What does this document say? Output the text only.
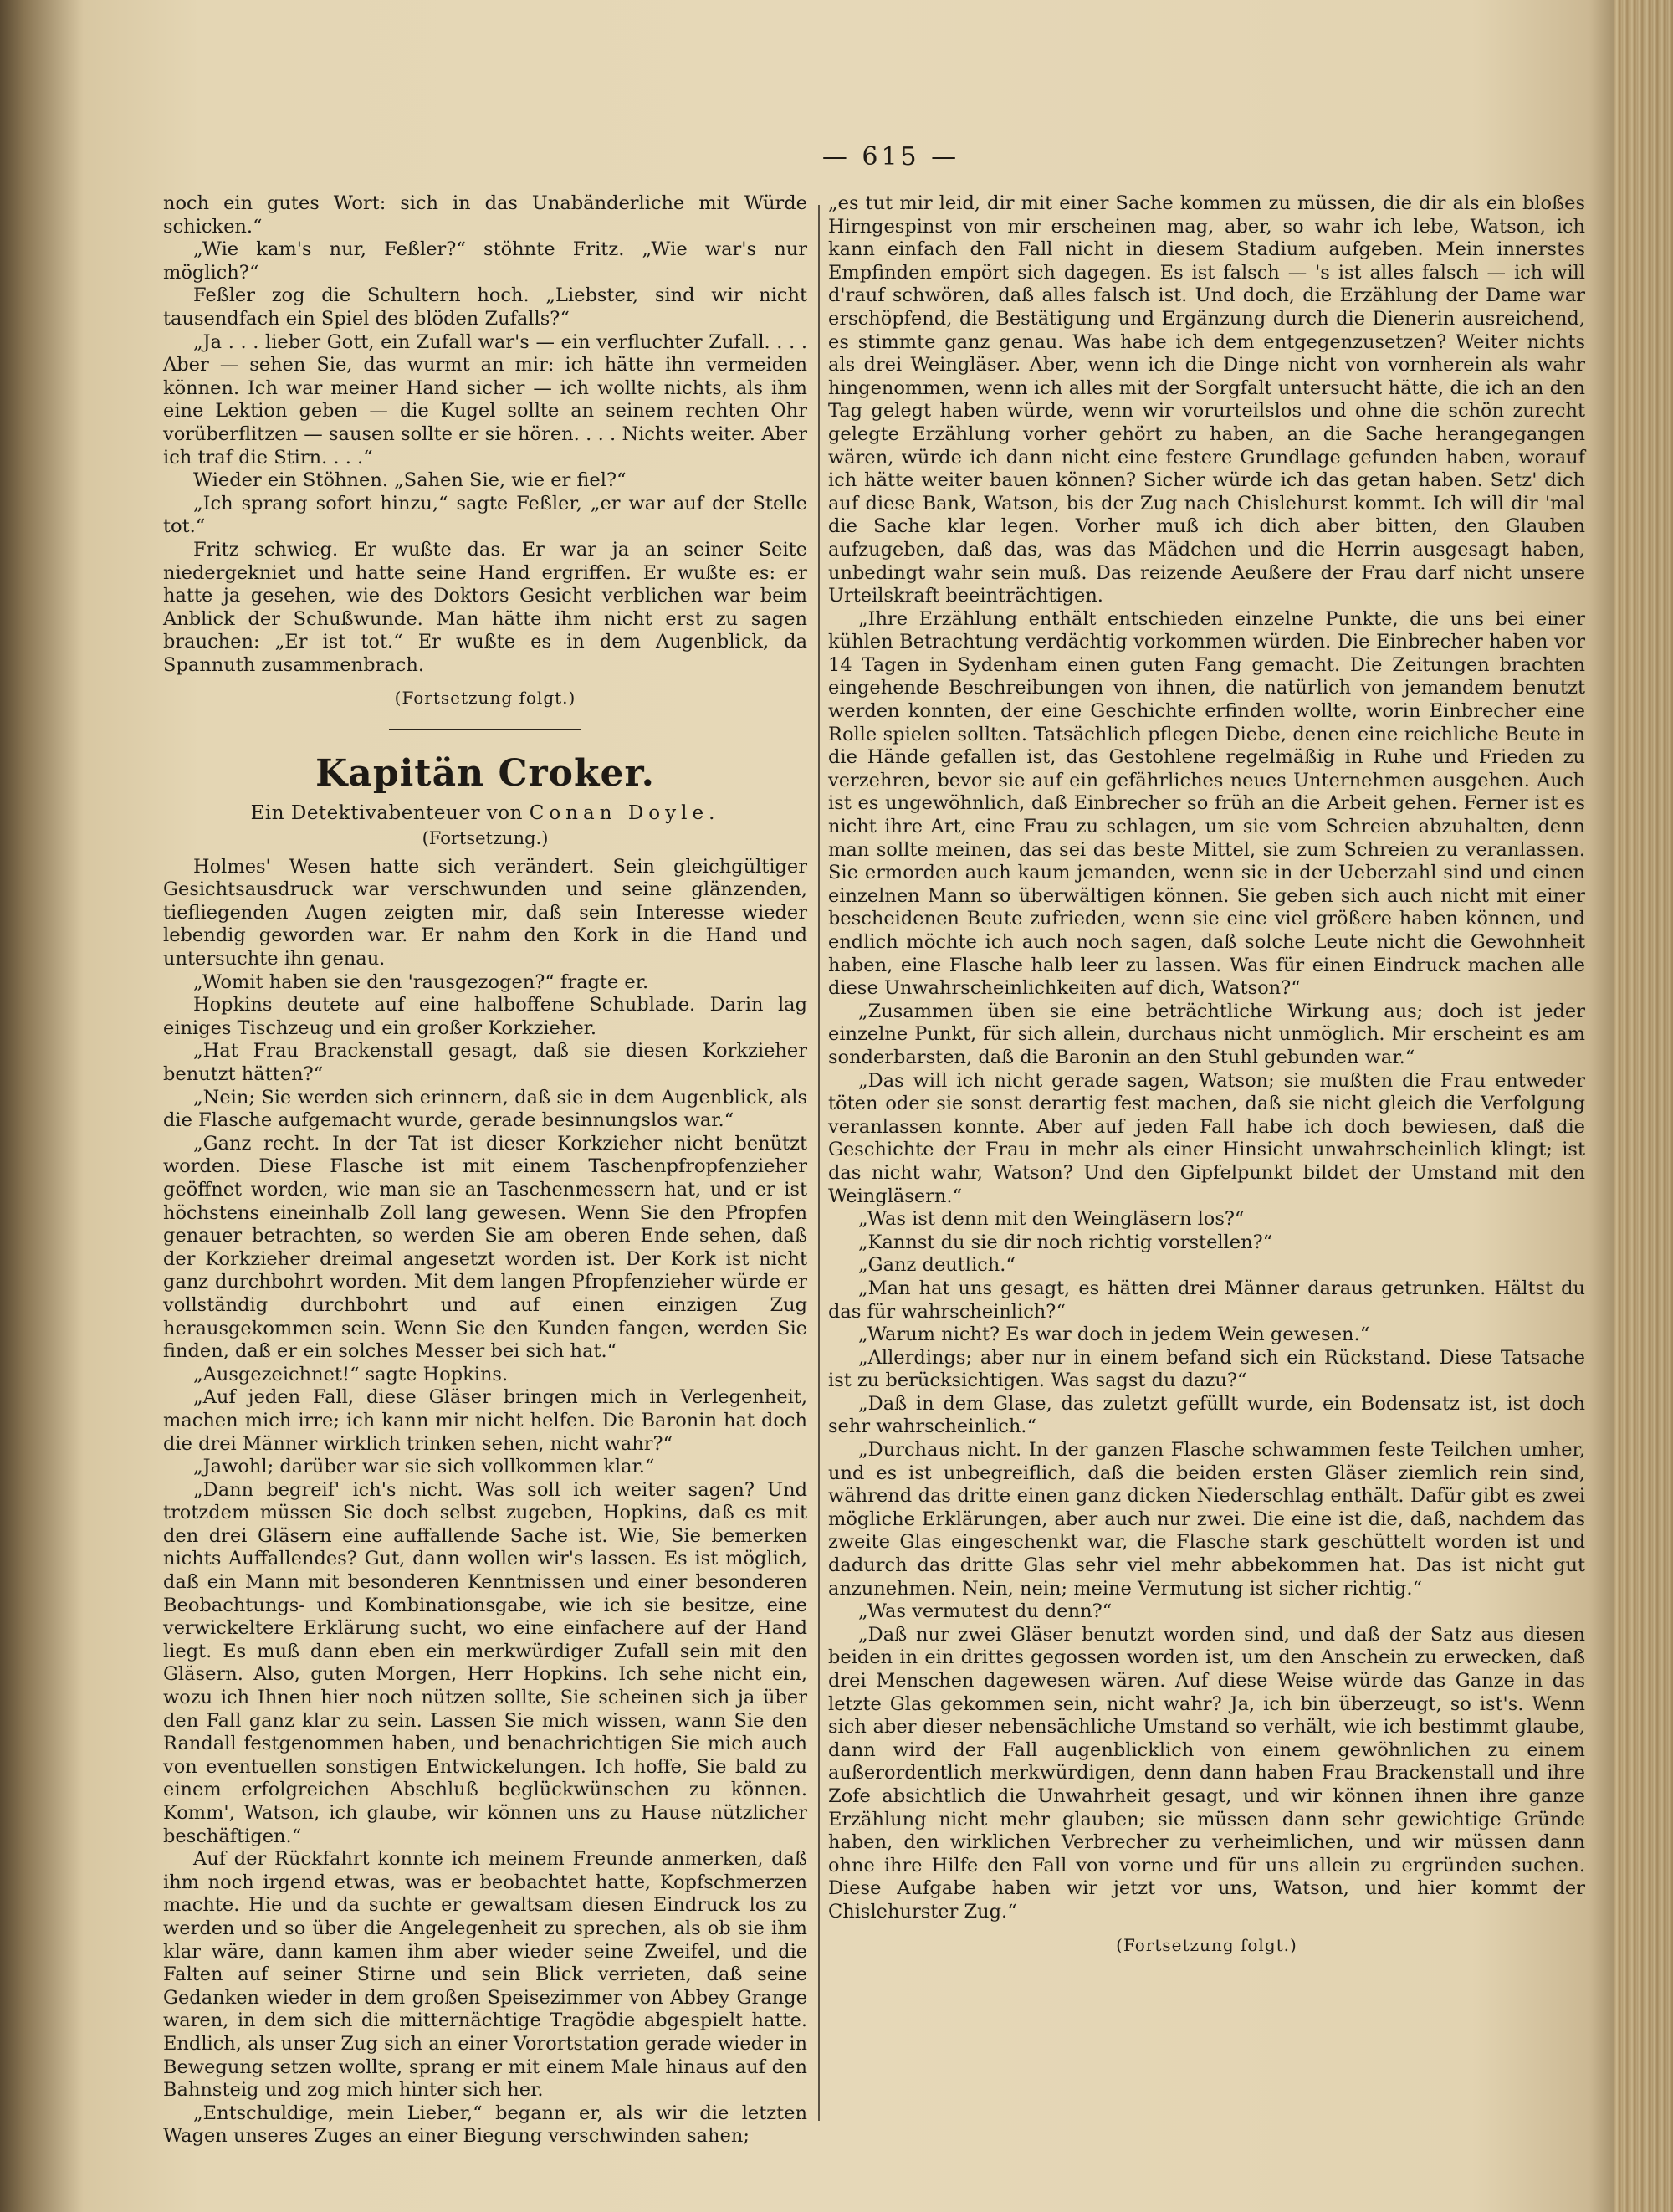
— 615 —

noch ein gutes Wort: sich in das Unabänderliche mit Würde schicken.“

„Wie kam's nur, Feßler?“ stöhnte Fritz. „Wie war's nur möglich?“

Feßler zog die Schultern hoch. „Liebster, sind wir nicht tausendfach ein Spiel des blöden Zufalls?“

„Ja . . . lieber Gott, ein Zufall war's — ein verfluchter Zufall. . . . Aber — sehen Sie, das wurmt an mir: ich hätte ihn vermeiden können. Ich war meiner Hand sicher — ich wollte nichts, als ihm eine Lektion geben — die Kugel sollte an seinem rechten Ohr vorüberflitzen — sausen sollte er sie hören. . . . Nichts weiter. Aber ich traf die Stirn. . . .“

Wieder ein Stöhnen. „Sahen Sie, wie er fiel?“

„Ich sprang sofort hinzu,“ sagte Feßler, „er war auf der Stelle tot.“

Fritz schwieg. Er wußte das. Er war ja an seiner Seite niedergekniet und hatte seine Hand ergriffen. Er wußte es: er hatte ja gesehen, wie des Doktors Gesicht verblichen war beim Anblick der Schußwunde. Man hätte ihm nicht erst zu sagen brauchen: „Er ist tot.“ Er wußte es in dem Augenblick, da Spannuth zusammenbrach.

(Fortsetzung folgt.)

Kapitän Croker.

Ein Detektivabenteuer von Conan Doyle.

(Fortsetzung.)

Holmes' Wesen hatte sich verändert. Sein gleichgültiger Gesichtsausdruck war verschwunden und seine glänzenden, tiefliegenden Augen zeigten mir, daß sein Interesse wieder lebendig geworden war. Er nahm den Kork in die Hand und untersuchte ihn genau.

„Womit haben sie den 'rausgezogen?“ fragte er.

Hopkins deutete auf eine halboffene Schublade. Darin lag einiges Tischzeug und ein großer Korkzieher.

„Hat Frau Brackenstall gesagt, daß sie diesen Korkzieher benutzt hätten?“

„Nein; Sie werden sich erinnern, daß sie in dem Augenblick, als die Flasche aufgemacht wurde, gerade besinnungslos war.“

„Ganz recht. In der Tat ist dieser Korkzieher nicht benützt worden. Diese Flasche ist mit einem Taschenpfropfenzieher geöffnet worden, wie man sie an Taschenmessern hat, und er ist höchstens eineinhalb Zoll lang gewesen. Wenn Sie den Pfropfen genauer betrachten, so werden Sie am oberen Ende sehen, daß der Korkzieher dreimal angesetzt worden ist. Der Kork ist nicht ganz durchbohrt worden. Mit dem langen Pfropfenzieher würde er vollständig durchbohrt und auf einen einzigen Zug herausgekommen sein. Wenn Sie den Kunden fangen, werden Sie finden, daß er ein solches Messer bei sich hat.“

„Ausgezeichnet!“ sagte Hopkins.

„Auf jeden Fall, diese Gläser bringen mich in Verlegenheit, machen mich irre; ich kann mir nicht helfen. Die Baronin hat doch die drei Männer wirklich trinken sehen, nicht wahr?“

„Jawohl; darüber war sie sich vollkommen klar.“

„Dann begreif' ich's nicht. Was soll ich weiter sagen? Und trotzdem müssen Sie doch selbst zugeben, Hopkins, daß es mit den drei Gläsern eine auffallende Sache ist. Wie, Sie bemerken nichts Auffallendes? Gut, dann wollen wir's lassen. Es ist möglich, daß ein Mann mit besonderen Kenntnissen und einer besonderen Beobachtungs- und Kombinationsgabe, wie ich sie besitze, eine verwickeltere Erklärung sucht, wo eine einfachere auf der Hand liegt. Es muß dann eben ein merkwürdiger Zufall sein mit den Gläsern. Also, guten Morgen, Herr Hopkins. Ich sehe nicht ein, wozu ich Ihnen hier noch nützen sollte, Sie scheinen sich ja über den Fall ganz klar zu sein. Lassen Sie mich wissen, wann Sie den Randall festgenommen haben, und benachrichtigen Sie mich auch von eventuellen sonstigen Entwickelungen. Ich hoffe, Sie bald zu einem erfolgreichen Abschluß beglückwünschen zu können. Komm', Watson, ich glaube, wir können uns zu Hause nützlicher beschäftigen.“

Auf der Rückfahrt konnte ich meinem Freunde anmerken, daß ihm noch irgend etwas, was er beobachtet hatte, Kopfschmerzen machte. Hie und da suchte er gewaltsam diesen Eindruck los zu werden und so über die Angelegenheit zu sprechen, als ob sie ihm klar wäre, dann kamen ihm aber wieder seine Zweifel, und die Falten auf seiner Stirne und sein Blick verrieten, daß seine Gedanken wieder in dem großen Speisezimmer von Abbey Grange waren, in dem sich die mitternächtige Tragödie abgespielt hatte. Endlich, als unser Zug sich an einer Vorortstation gerade wieder in Bewegung setzen wollte, sprang er mit einem Male hinaus auf den Bahnsteig und zog mich hinter sich her.

„Entschuldige, mein Lieber,“ begann er, als wir die letzten Wagen unseres Zuges an einer Biegung verschwinden sahen;

„es tut mir leid, dir mit einer Sache kommen zu müssen, die dir als ein bloßes Hirngespinst von mir erscheinen mag, aber, so wahr ich lebe, Watson, ich kann einfach den Fall nicht in diesem Stadium aufgeben. Mein innerstes Empfinden empört sich dagegen. Es ist falsch — 's ist alles falsch — ich will d'rauf schwören, daß alles falsch ist. Und doch, die Erzählung der Dame war erschöpfend, die Bestätigung und Ergänzung durch die Dienerin ausreichend, es stimmte ganz genau. Was habe ich dem entgegenzusetzen? Weiter nichts als drei Weingläser. Aber, wenn ich die Dinge nicht von vornherein als wahr hingenommen, wenn ich alles mit der Sorgfalt untersucht hätte, die ich an den Tag gelegt haben würde, wenn wir vorurteilslos und ohne die schön zurecht gelegte Erzählung vorher gehört zu haben, an die Sache herangegangen wären, würde ich dann nicht eine festere Grundlage gefunden haben, worauf ich hätte weiter bauen können? Sicher würde ich das getan haben. Setz' dich auf diese Bank, Watson, bis der Zug nach Chislehurst kommt. Ich will dir 'mal die Sache klar legen. Vorher muß ich dich aber bitten, den Glauben aufzugeben, daß das, was das Mädchen und die Herrin ausgesagt haben, unbedingt wahr sein muß. Das reizende Aeußere der Frau darf nicht unsere Urteilskraft beeinträchtigen.

„Ihre Erzählung enthält entschieden einzelne Punkte, die uns bei einer kühlen Betrachtung verdächtig vorkommen würden. Die Einbrecher haben vor 14 Tagen in Sydenham einen guten Fang gemacht. Die Zeitungen brachten eingehende Beschreibungen von ihnen, die natürlich von jemandem benutzt werden konnten, der eine Geschichte erfinden wollte, worin Einbrecher eine Rolle spielen sollten. Tatsächlich pflegen Diebe, denen eine reichliche Beute in die Hände gefallen ist, das Gestohlene regelmäßig in Ruhe und Frieden zu verzehren, bevor sie auf ein gefährliches neues Unternehmen ausgehen. Auch ist es ungewöhnlich, daß Einbrecher so früh an die Arbeit gehen. Ferner ist es nicht ihre Art, eine Frau zu schlagen, um sie vom Schreien abzuhalten, denn man sollte meinen, das sei das beste Mittel, sie zum Schreien zu veranlassen. Sie ermorden auch kaum jemanden, wenn sie in der Ueberzahl sind und einen einzelnen Mann so überwältigen können. Sie geben sich auch nicht mit einer bescheidenen Beute zufrieden, wenn sie eine viel größere haben können, und endlich möchte ich auch noch sagen, daß solche Leute nicht die Gewohnheit haben, eine Flasche halb leer zu lassen. Was für einen Eindruck machen alle diese Unwahrscheinlichkeiten auf dich, Watson?“

„Zusammen üben sie eine beträchtliche Wirkung aus; doch ist jeder einzelne Punkt, für sich allein, durchaus nicht unmöglich. Mir erscheint es am sonderbarsten, daß die Baronin an den Stuhl gebunden war.“

„Das will ich nicht gerade sagen, Watson; sie mußten die Frau entweder töten oder sie sonst derartig fest machen, daß sie nicht gleich die Verfolgung veranlassen konnte. Aber auf jeden Fall habe ich doch bewiesen, daß die Geschichte der Frau in mehr als einer Hinsicht unwahrscheinlich klingt; ist das nicht wahr, Watson? Und den Gipfelpunkt bildet der Umstand mit den Weingläsern.“

„Was ist denn mit den Weingläsern los?“

„Kannst du sie dir noch richtig vorstellen?“

„Ganz deutlich.“

„Man hat uns gesagt, es hätten drei Männer daraus getrunken. Hältst du das für wahrscheinlich?“

„Warum nicht? Es war doch in jedem Wein gewesen.“

„Allerdings; aber nur in einem befand sich ein Rückstand. Diese Tatsache ist zu berücksichtigen. Was sagst du dazu?“

„Daß in dem Glase, das zuletzt gefüllt wurde, ein Bodensatz ist, ist doch sehr wahrscheinlich.“

„Durchaus nicht. In der ganzen Flasche schwammen feste Teilchen umher, und es ist unbegreiflich, daß die beiden ersten Gläser ziemlich rein sind, während das dritte einen ganz dicken Niederschlag enthält. Dafür gibt es zwei mögliche Erklärungen, aber auch nur zwei. Die eine ist die, daß, nachdem das zweite Glas eingeschenkt war, die Flasche stark geschüttelt worden ist und dadurch das dritte Glas sehr viel mehr abbekommen hat. Das ist nicht gut anzunehmen. Nein, nein; meine Vermutung ist sicher richtig.“

„Was vermutest du denn?“

„Daß nur zwei Gläser benutzt worden sind, und daß der Satz aus diesen beiden in ein drittes gegossen worden ist, um den Anschein zu erwecken, daß drei Menschen dagewesen wären. Auf diese Weise würde das Ganze in das letzte Glas gekommen sein, nicht wahr? Ja, ich bin überzeugt, so ist's. Wenn sich aber dieser nebensächliche Umstand so verhält, wie ich bestimmt glaube, dann wird der Fall augenblicklich von einem gewöhnlichen zu einem außerordentlich merkwürdigen, denn dann haben Frau Brackenstall und ihre Zofe absichtlich die Unwahrheit gesagt, und wir können ihnen ihre ganze Erzählung nicht mehr glauben; sie müssen dann sehr gewichtige Gründe haben, den wirklichen Verbrecher zu verheimlichen, und wir müssen dann ohne ihre Hilfe den Fall von vorne und für uns allein zu ergründen suchen. Diese Aufgabe haben wir jetzt vor uns, Watson, und hier kommt der Chislehurster Zug.“

(Fortsetzung folgt.)
